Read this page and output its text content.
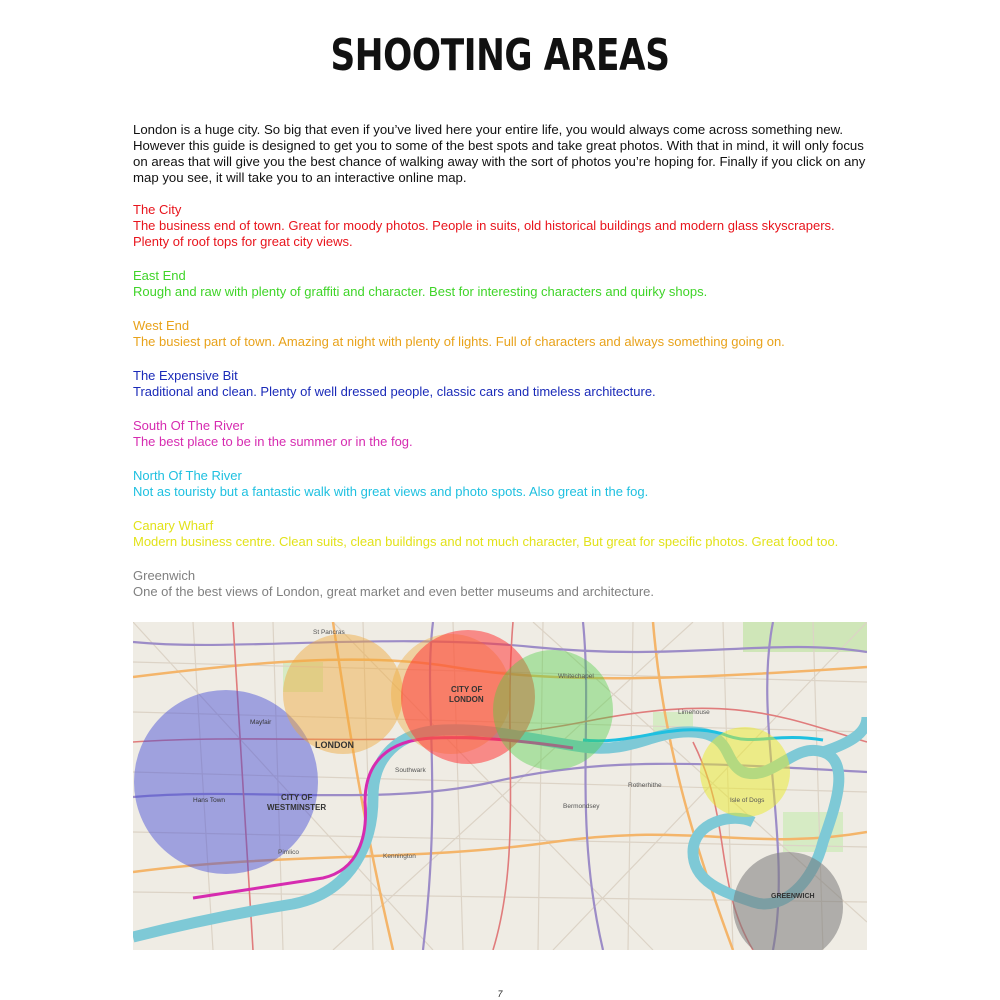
SHOOTING AREAS
London is a huge city. So big that even if you’ve lived here your entire life, you would always come across something new. However this guide is designed to get you to some of the best spots and take great photos. With that in mind, it will only focus on areas that will give you the best chance of walking away with the sort of photos you’re hoping for. Finally if you click on any map you see, it will take you to an interactive online map.
The City
The business end of town. Great for moody photos. People in suits, old historical buildings and modern glass skyscrapers. Plenty of roof tops for great city views.
East End
Rough and raw with plenty of graffiti and character. Best for interesting characters and quirky shops.
West End
The busiest part of town. Amazing at night with plenty of lights. Full of characters and always something going on.
The Expensive Bit
Traditional and clean. Plenty of well dressed people, classic cars and timeless architecture.
South Of The River
The best place to be in the summer or in the fog.
North Of The River
Not as touristy but a fantastic walk with great views and photo spots. Also great in the fog.
Canary Wharf
Modern business centre. Clean suits, clean buildings and not much character, But great for specific photos. Great food too.
Greenwich
One of the best views of London, great market and even better museums and architecture.
LONDON
CITY OF
LONDON
CITY OF
WESTMINSTER
GREENWICH
St Pancras
Mayfair
Southwark
Bermondsey
Rotherhithe
Kennington
Pimlico
Isle of Dogs
Limehouse
Whitechapel
Hans Town
7
